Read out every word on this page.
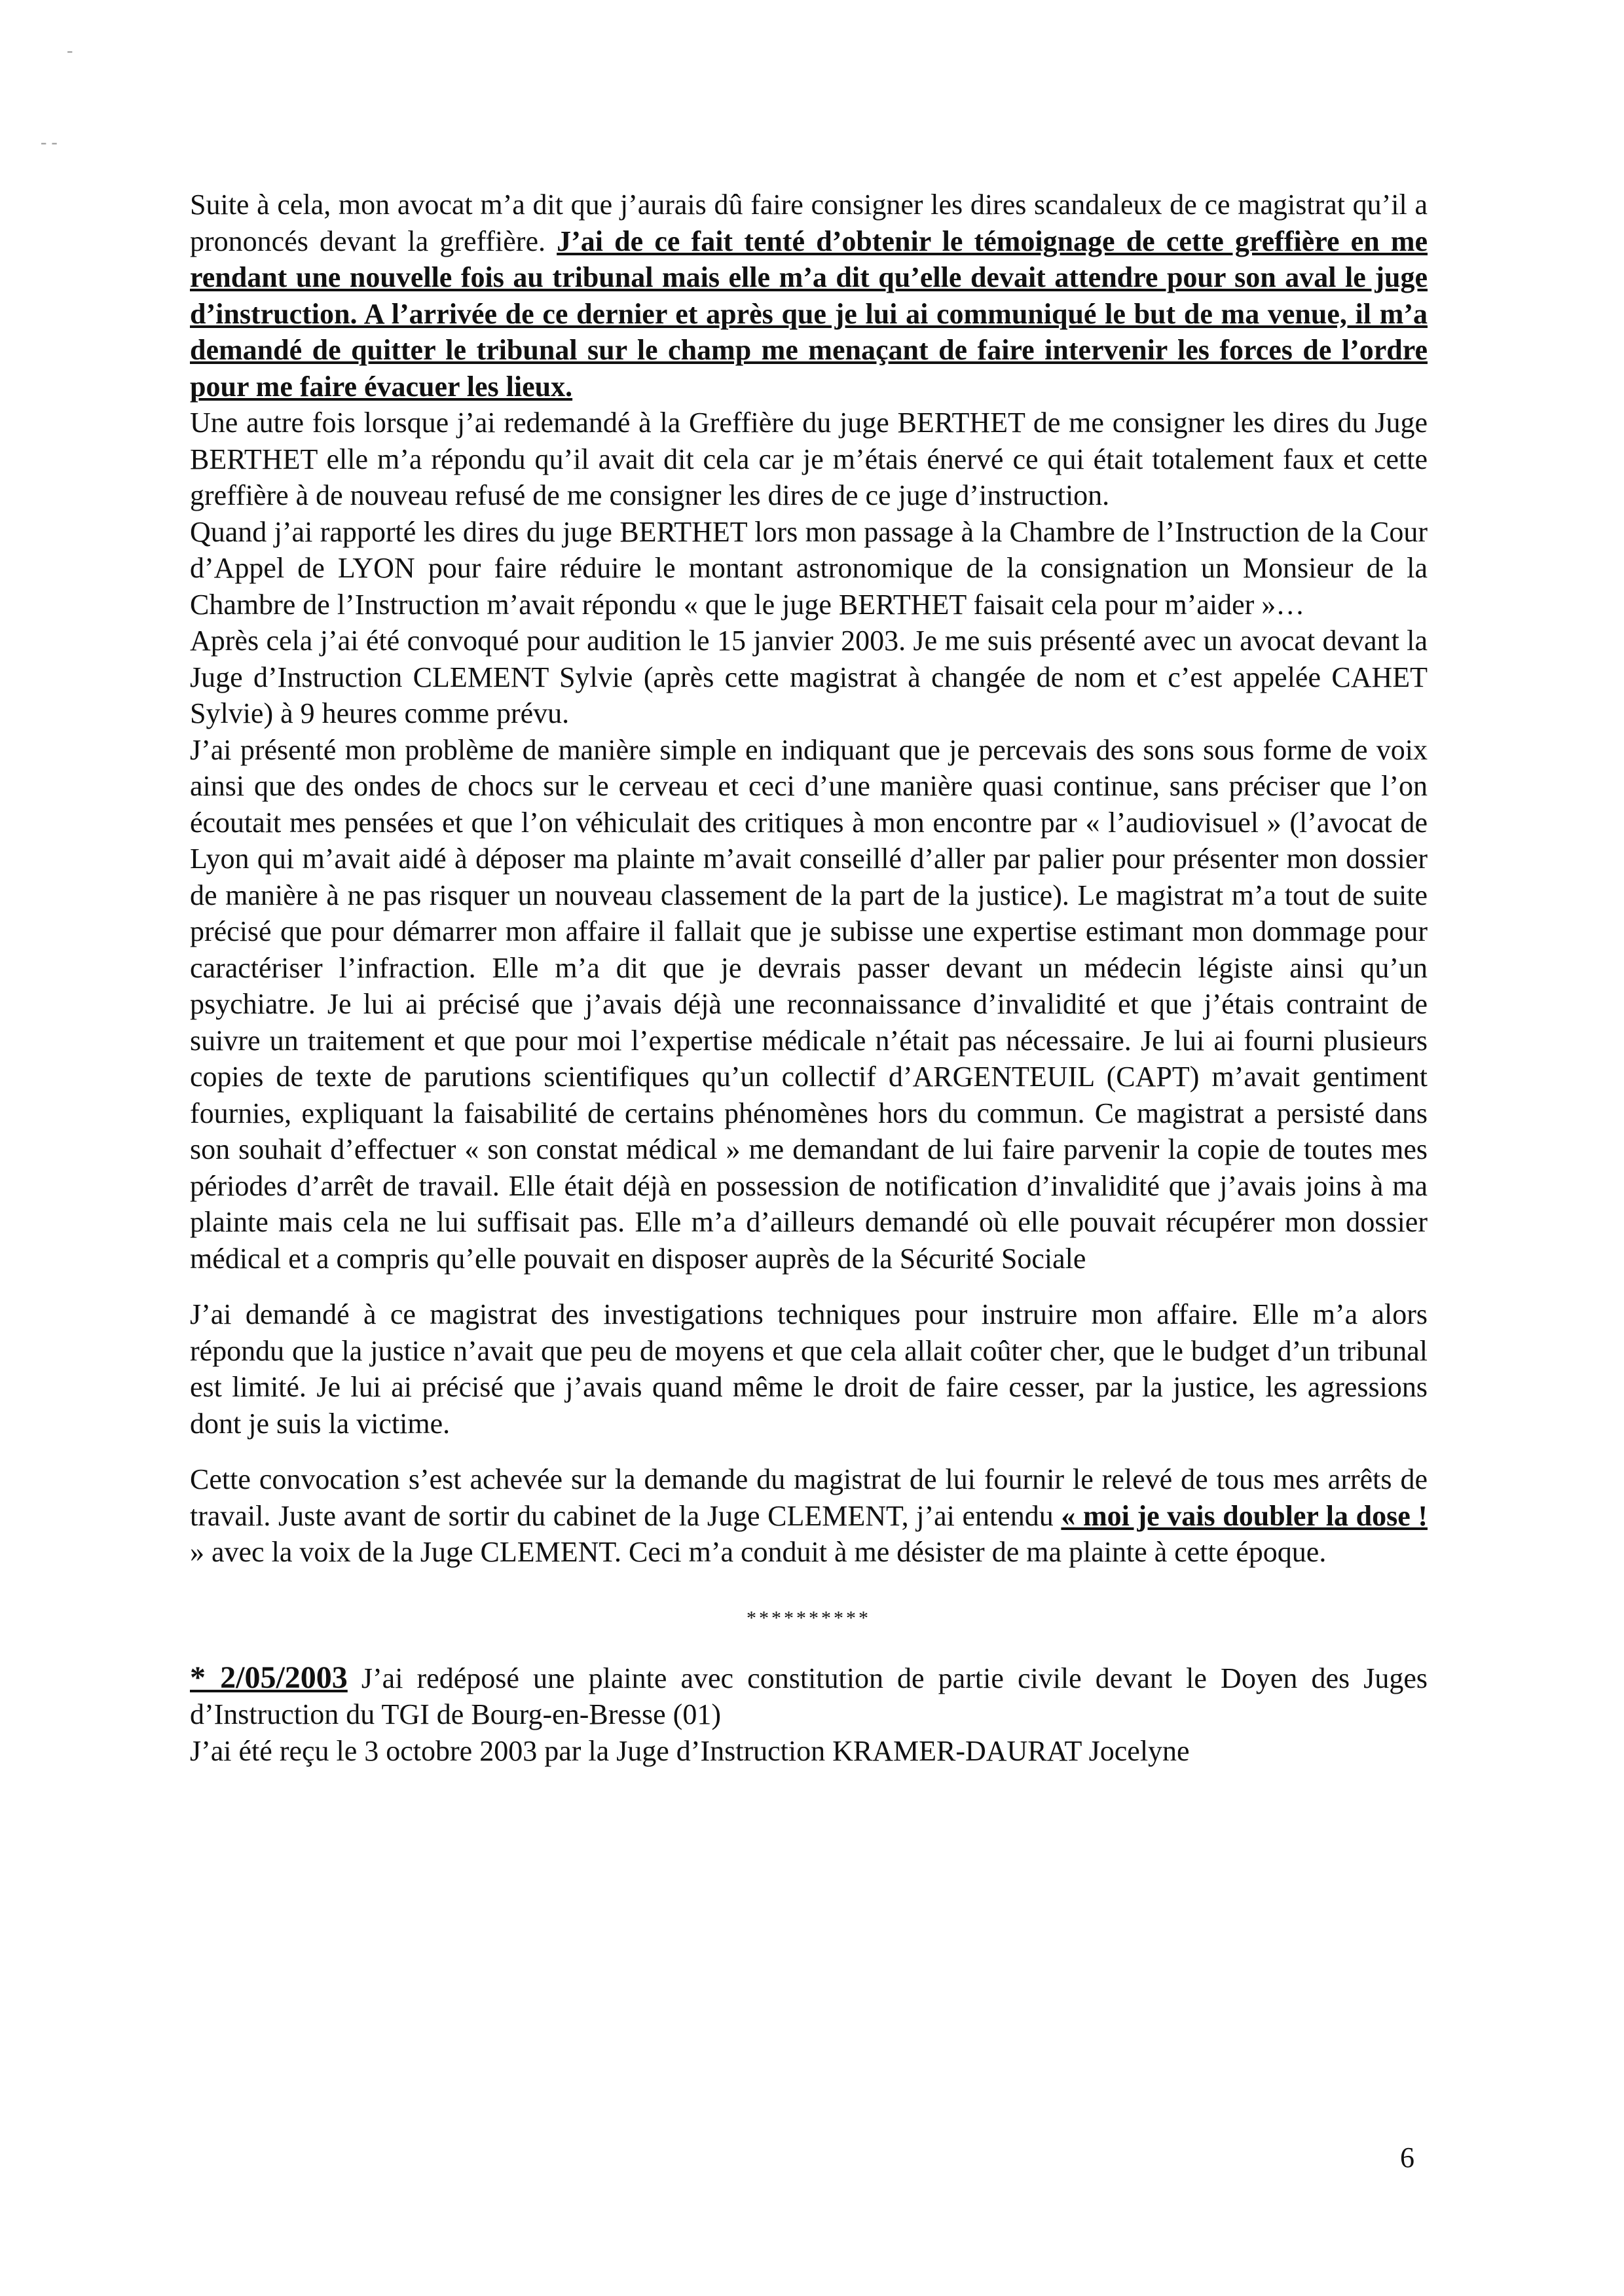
-
- -

Suite à cela, mon avocat m’a dit que j’aurais dû faire consigner les dires scandaleux de ce magistrat qu’il a prononcés devant la greffière. J’ai de ce fait tenté d’obtenir le témoignage de cette greffière en me rendant une nouvelle fois au tribunal mais elle m’a dit qu’elle devait attendre pour son aval le juge d’instruction. A l’arrivée de ce dernier et après que je lui ai communiqué le but de ma venue, il m’a demandé de quitter le tribunal sur le champ me menaçant de faire intervenir les forces de l’ordre pour me faire évacuer les lieux.

Une autre fois lorsque j’ai redemandé à la Greffière du juge BERTHET de me consigner les dires du Juge BERTHET elle m’a répondu qu’il avait dit cela car je m’étais énervé ce qui était totalement faux et cette greffière à de nouveau refusé de me consigner les dires de ce juge d’instruction.

Quand j’ai rapporté les dires du juge BERTHET lors mon passage à la Chambre de l’Instruction de la Cour d’Appel de LYON pour faire réduire le montant astronomique de la consignation un Monsieur de la Chambre de l’Instruction m’avait répondu « que le juge BERTHET faisait cela pour m’aider »…

Après cela j’ai été convoqué pour audition le 15 janvier 2003. Je me suis présenté avec un avocat devant la Juge d’Instruction CLEMENT Sylvie (après cette magistrat à changée de nom et c’est appelée CAHET Sylvie) à 9 heures comme prévu.

J’ai présenté mon problème de manière simple en indiquant que je percevais des sons sous forme de voix ainsi que des ondes de chocs sur le cerveau et ceci d’une manière quasi continue, sans préciser que l’on écoutait mes pensées et que l’on véhiculait des critiques à mon encontre par « l’audiovisuel » (l’avocat de Lyon qui m’avait aidé à déposer ma plainte m’avait conseillé d’aller par palier pour présenter mon dossier de manière à ne pas risquer un nouveau classement de la part de la justice). Le magistrat m’a tout de suite précisé que pour démarrer mon affaire il fallait que je subisse une expertise estimant mon dommage pour caractériser l’infraction. Elle m’a dit que je devrais passer devant un médecin légiste ainsi qu’un psychiatre. Je lui ai précisé que j’avais déjà une reconnaissance d’invalidité et que j’étais contraint de suivre un traitement et que pour moi l’expertise médicale n’était pas nécessaire. Je lui ai fourni plusieurs copies de texte de parutions scientifiques qu’un collectif d’ARGENTEUIL (CAPT) m’avait gentiment fournies, expliquant la faisabilité de certains phénomènes hors du commun. Ce magistrat a persisté dans son souhait d’effectuer « son constat médical » me demandant de lui faire parvenir la copie de toutes mes périodes d’arrêt de travail. Elle était déjà en possession de notification d’invalidité que j’avais joins à ma plainte mais cela ne lui suffisait pas. Elle m’a d’ailleurs demandé où elle pouvait récupérer mon dossier médical et a compris qu’elle pouvait en disposer auprès de la Sécurité Sociale

J’ai demandé à ce magistrat des investigations techniques pour instruire mon affaire. Elle m’a alors répondu que la justice n’avait que peu de moyens et que cela allait coûter cher, que le budget d’un tribunal est limité. Je lui ai précisé que j’avais quand même le droit de faire cesser, par la justice, les agressions dont je suis la victime.

Cette convocation s’est achevée sur la demande du magistrat de lui fournir le relevé de tous mes arrêts de travail. Juste avant de sortir du cabinet de la Juge CLEMENT, j’ai entendu « moi je vais doubler la dose ! » avec la voix de la Juge CLEMENT. Ceci m’a conduit à me désister de ma plainte à cette époque.

**********

* 2/05/2003 J’ai redéposé une plainte avec constitution de partie civile devant le Doyen des Juges d’Instruction du TGI de Bourg-en-Bresse (01)

J’ai été reçu le 3 octobre 2003 par la Juge d’Instruction KRAMER-DAURAT Jocelyne

6
